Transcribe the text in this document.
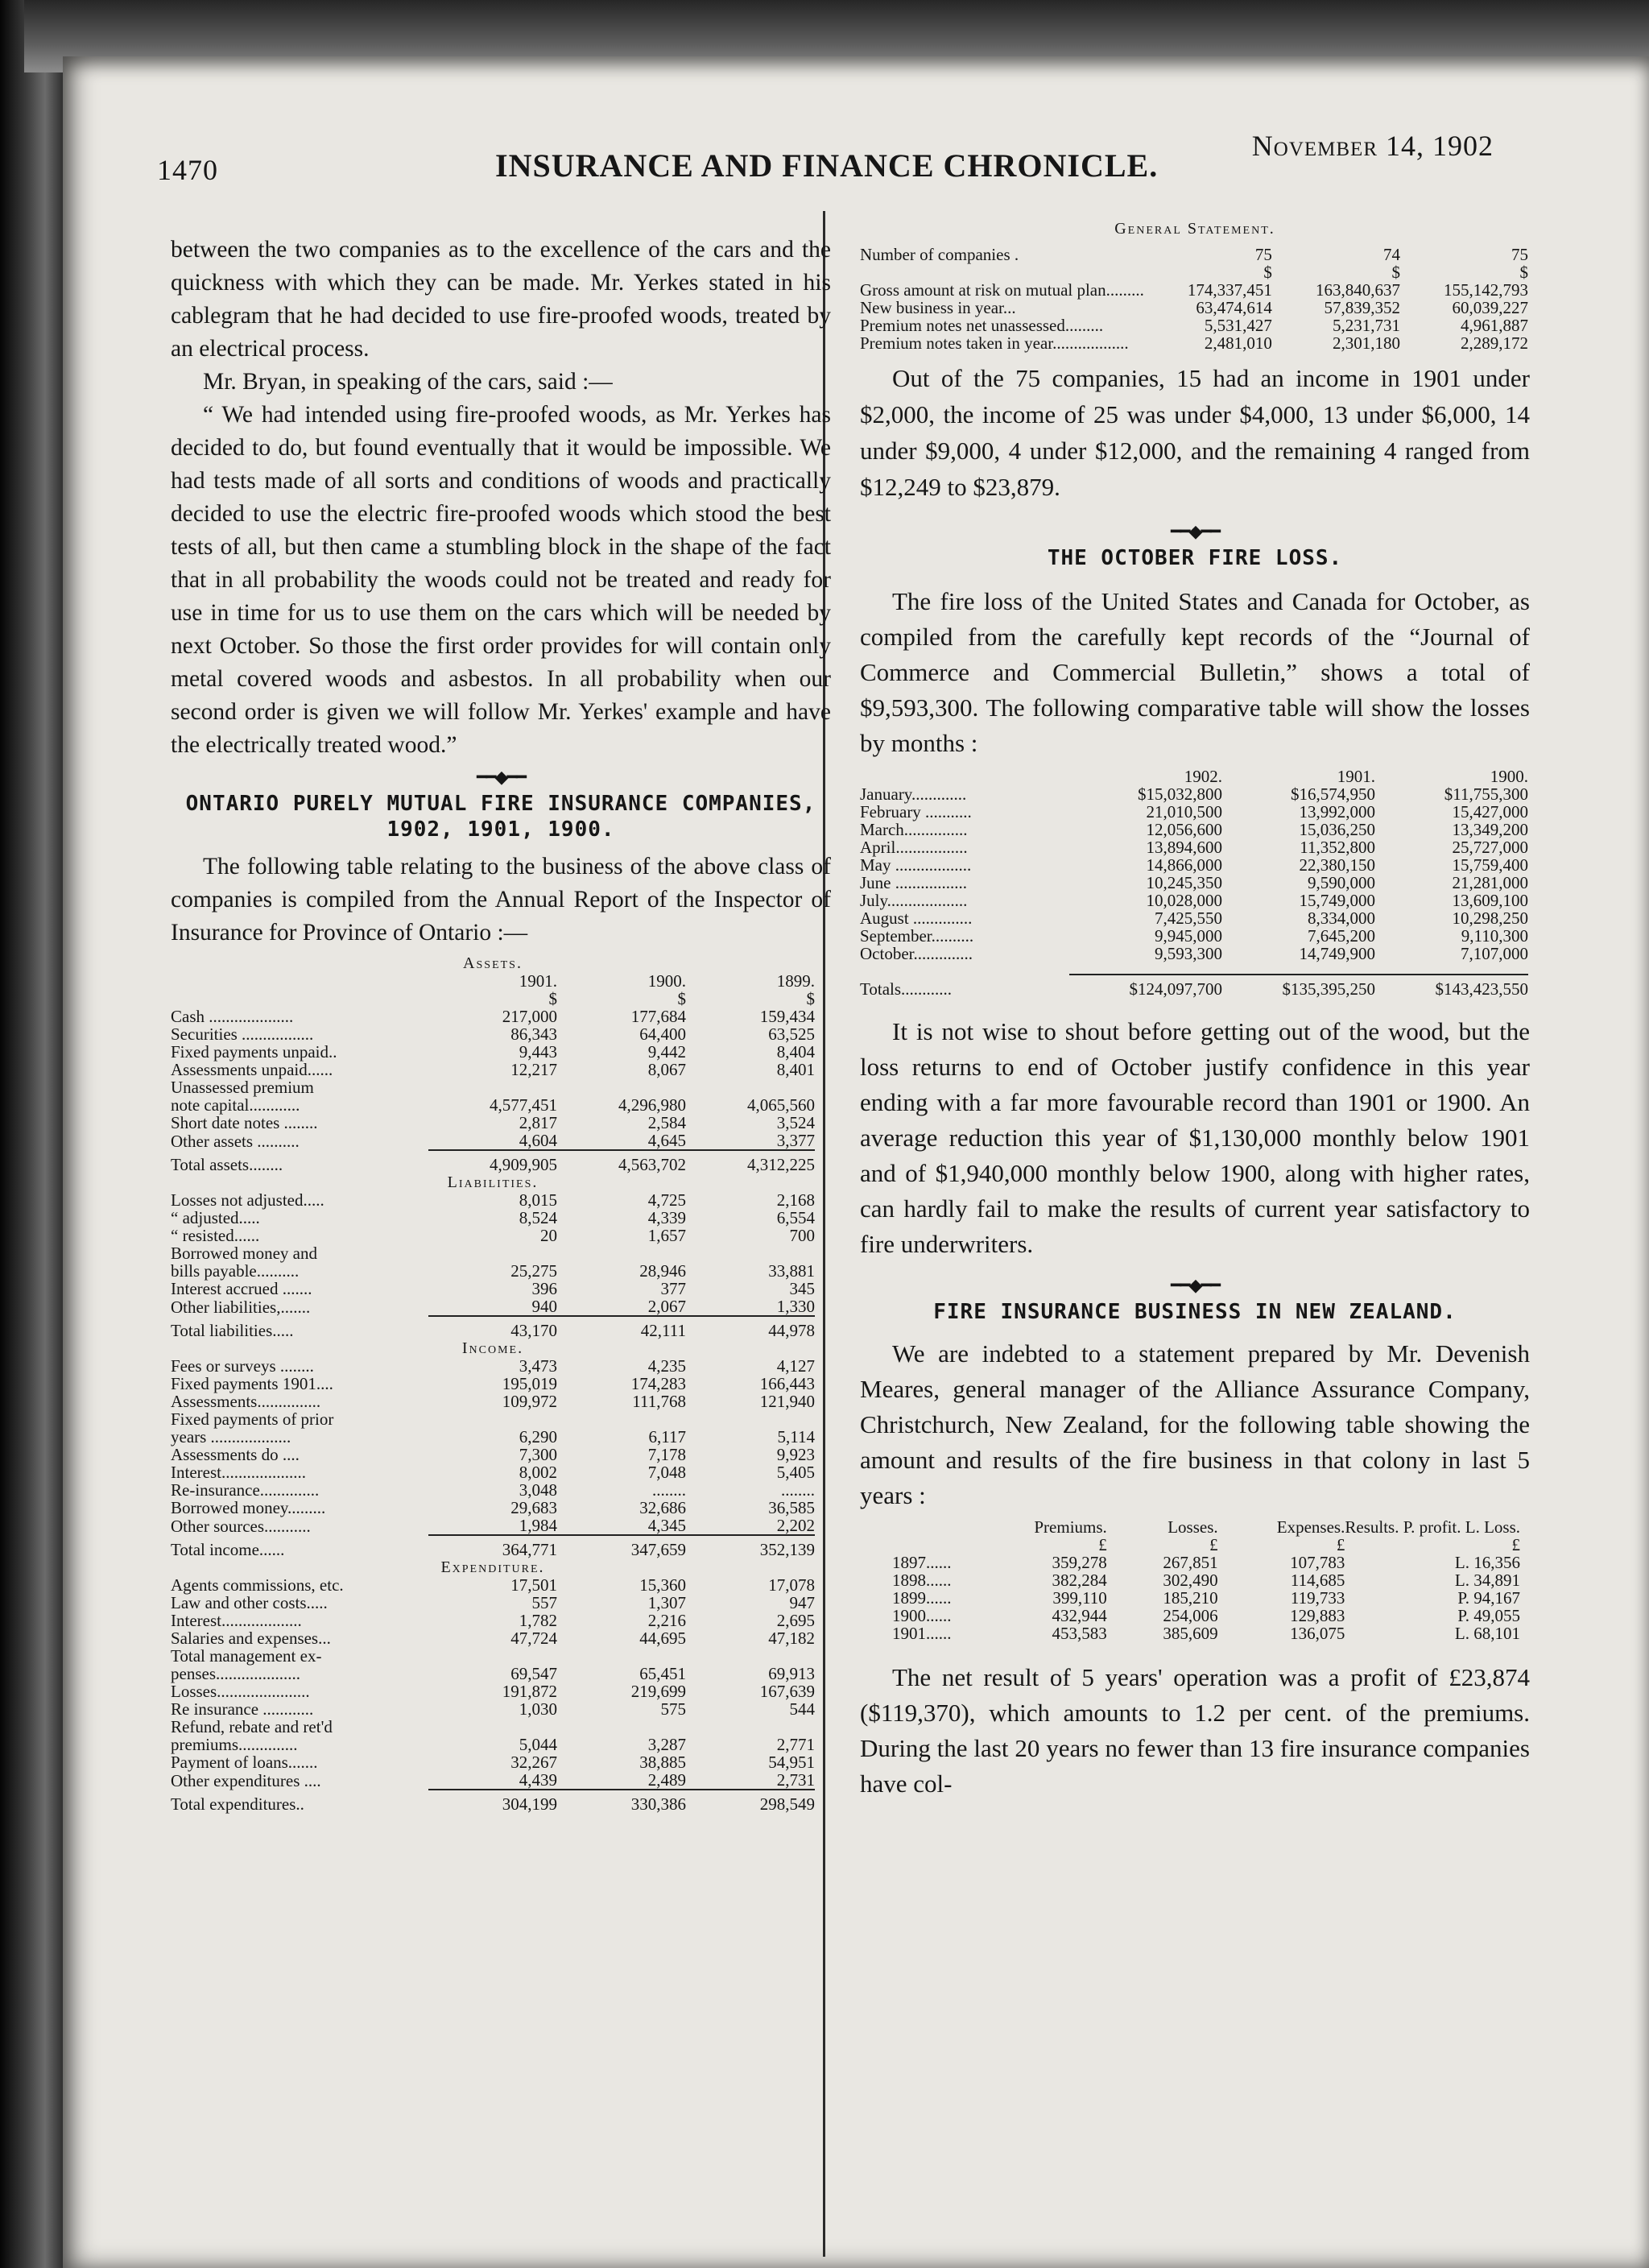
1470	INSURANCE AND FINANCE CHRONICLE.
November 14, 1902

between the two companies as to the excellence of the cars and the quickness with which they can be made. Mr. Yerkes stated in his cablegram that he had decided to use fire-proofed woods, treated by an electrical process.

Mr. Bryan, in speaking of the cars, said :—

“ We had intended using fire-proofed woods, as Mr. Yerkes has decided to do, but found eventually that it would be impossible. We had tests made of all sorts and conditions of woods and practically decided to use the electric fire-proofed woods which stood the best tests of all, but then came a stumbling block in the shape of the fact that in all probability the woods could not be treated and ready for use in time for us to use them on the cars which will be needed by next October. So those the first order provides for will contain only metal covered woods and asbestos. In all probability when our second order is given we will follow Mr. Yerkes' example and have the electrically treated wood.”

━━◆━━
ONTARIO PURELY MUTUAL FIRE INSURANCE COMPANIES, 1902, 1901, 1900.

The following table relating to the business of the above class of companies is compiled from the Annual Report of the Inspector of Insurance for Province of Ontario :—

	Assets.		
	1901.	1900.	1899.
	$	$	$
Cash ....................	217,000	177,684	159,434
Securities .................	86,343	64,400	63,525
Fixed payments unpaid..	9,443	9,442	8,404
Assessments unpaid......	12,217	8,067	8,401
Unassessed premium			
note capital............	4,577,451	4,296,980	4,065,560
Short date notes ........	2,817	2,584	3,524
Other assets ..........	4,604	4,645	3,377
Total assets........	4,909,905	4,563,702	4,312,225
	Liabilities.		
Losses not adjusted.....	8,015	4,725	2,168
“ adjusted.....	8,524	4,339	6,554
“ resisted......	20	1,657	700
Borrowed money and			
bills payable..........	25,275	28,946	33,881
Interest accrued .......	396	377	345
Other liabilities,.......	940	2,067	1,330
Total liabilities.....	43,170	42,111	44,978
	Income.		
Fees or surveys ........	3,473	4,235	4,127
Fixed payments 1901....	195,019	174,283	166,443
Assessments...............	109,972	111,768	121,940
Fixed payments of prior			
years ...................	6,290	6,117	5,114
Assessments do ....	7,300	7,178	9,923
Interest....................	8,002	7,048	5,405
Re-insurance..............	3,048	........	........
Borrowed money.........	29,683	32,686	36,585
Other sources...........	1,984	4,345	2,202
Total income......	364,771	347,659	352,139
	Expenditure.		
Agents commissions, etc.	17,501	15,360	17,078
Law and other costs.....	557	1,307	947
Interest...................	1,782	2,216	2,695
Salaries and expenses...	47,724	44,695	47,182
Total management ex-			
penses....................	69,547	65,451	69,913
Losses......................	191,872	219,699	167,639
Re insurance ............	1,030	575	544
Refund, rebate and ret'd			
premiums..............	5,044	3,287	2,771
Payment of loans.......	32,267	38,885	54,951
Other expenditures ....	4,439	2,489	2,731
Total expenditures..	304,199	330,386	298,549
General Statement.
Number of companies .	75	74	75
	$	$	$
Gross amount at risk on mutual plan.........	174,337,451	163,840,637	155,142,793
New business in year...	63,474,614	57,839,352	60,039,227
Premium notes net unassessed.........	5,531,427	5,231,731	4,961,887
Premium notes taken in year..................	2,481,010	2,301,180	2,289,172

Out of the 75 companies, 15 had an income in 1901 under $2,000, the income of 25 was under $4,000, 13 under $6,000, 14 under $9,000, 4 under $12,000, and the remaining 4 ranged from $12,249 to $23,879.

━━◆━━
THE OCTOBER FIRE LOSS.

The fire loss of the United States and Canada for October, as compiled from the carefully kept records of the “Journal of Commerce and Commercial Bulletin,” shows a total of $9,593,300. The following comparative table will show the losses by months :

	1902.	1901.	1900.
January.............	$15,032,800	$16,574,950	$11,755,300
February ...........	21,010,500	13,992,000	15,427,000
March...............	12,056,600	15,036,250	13,349,200
April.................	13,894,600	11,352,800	25,727,000
May ..................	14,866,000	22,380,150	15,759,400
June .................	10,245,350	9,590,000	21,281,000
July...................	10,028,000	15,749,000	13,609,100
August ..............	7,425,550	8,334,000	10,298,250
September..........	9,945,000	7,645,200	9,110,300
October..............	9,593,300	14,749,900	7,107,000

Totals............	$124,097,700	$135,395,250	$143,423,550

It is not wise to shout before getting out of the wood, but the loss returns to end of October justify confidence in this year ending with a far more favourable record than 1901 or 1900. An average reduction this year of $1,130,000 monthly below 1901 and of $1,940,000 monthly below 1900, along with higher rates, can hardly fail to make the results of current year satisfactory to fire underwriters.

━━◆━━
FIRE INSURANCE BUSINESS IN NEW ZEALAND.

We are indebted to a statement prepared by Mr. Devenish Meares, general manager of the Alliance Assurance Company, Christchurch, New Zealand, for the following table showing the amount and results of the fire business in that colony in last 5 years :

	Premiums.	Losses.	Expenses.	Results. P. profit. L. Loss.
	£	£	£	£
1897......	359,278	267,851	107,783	L. 16,356
1898......	382,284	302,490	114,685	L. 34,891
1899......	399,110	185,210	119,733	P. 94,167
1900......	432,944	254,006	129,883	P. 49,055
1901......	453,583	385,609	136,075	L. 68,101

The net result of 5 years' operation was a profit of £23,874 ($119,370), which amounts to 1.2 per cent. of the premiums. During the last 20 years no fewer than 13 fire insurance companies have col-
